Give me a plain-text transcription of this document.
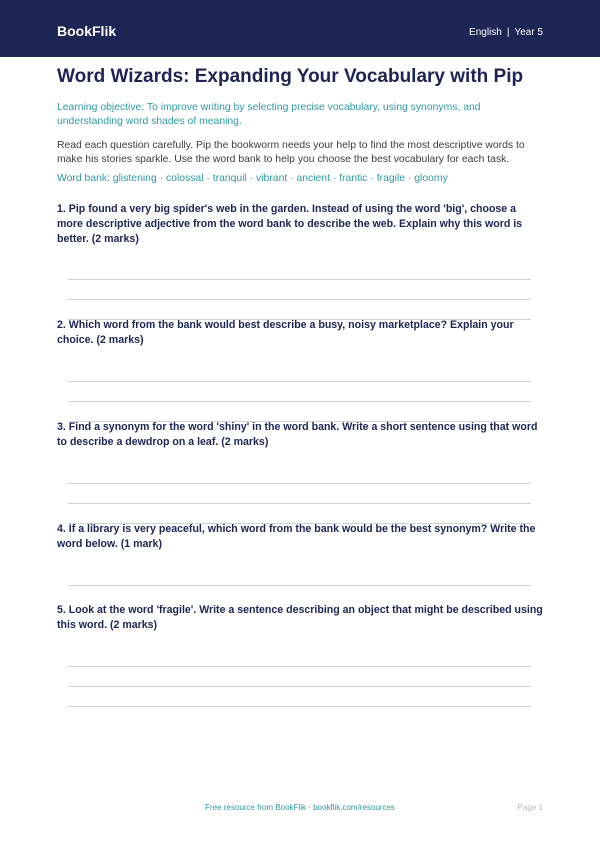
BookFlik	English | Year 5
Word Wizards: Expanding Your Vocabulary with Pip
Learning objective: To improve writing by selecting precise vocabulary, using synonyms, and understanding word shades of meaning.
Read each question carefully. Pip the bookworm needs your help to find the most descriptive words to make his stories sparkle. Use the word bank to help you choose the best vocabulary for each task.
Word bank: glistening · colossal · tranquil · vibrant · ancient · frantic · fragile · gloomy
1. Pip found a very big spider's web in the garden. Instead of using the word 'big', choose a more descriptive adjective from the word bank to describe the web. Explain why this word is better. (2 marks)
2. Which word from the bank would best describe a busy, noisy marketplace? Explain your choice. (2 marks)
3. Find a synonym for the word 'shiny' in the word bank. Write a short sentence using that word to describe a dewdrop on a leaf. (2 marks)
4. If a library is very peaceful, which word from the bank would be the best synonym? Write the word below. (1 mark)
5. Look at the word 'fragile'. Write a sentence describing an object that might be described using this word. (2 marks)
Free resource from BookFlik · bookflik.com/resources	Page 1
